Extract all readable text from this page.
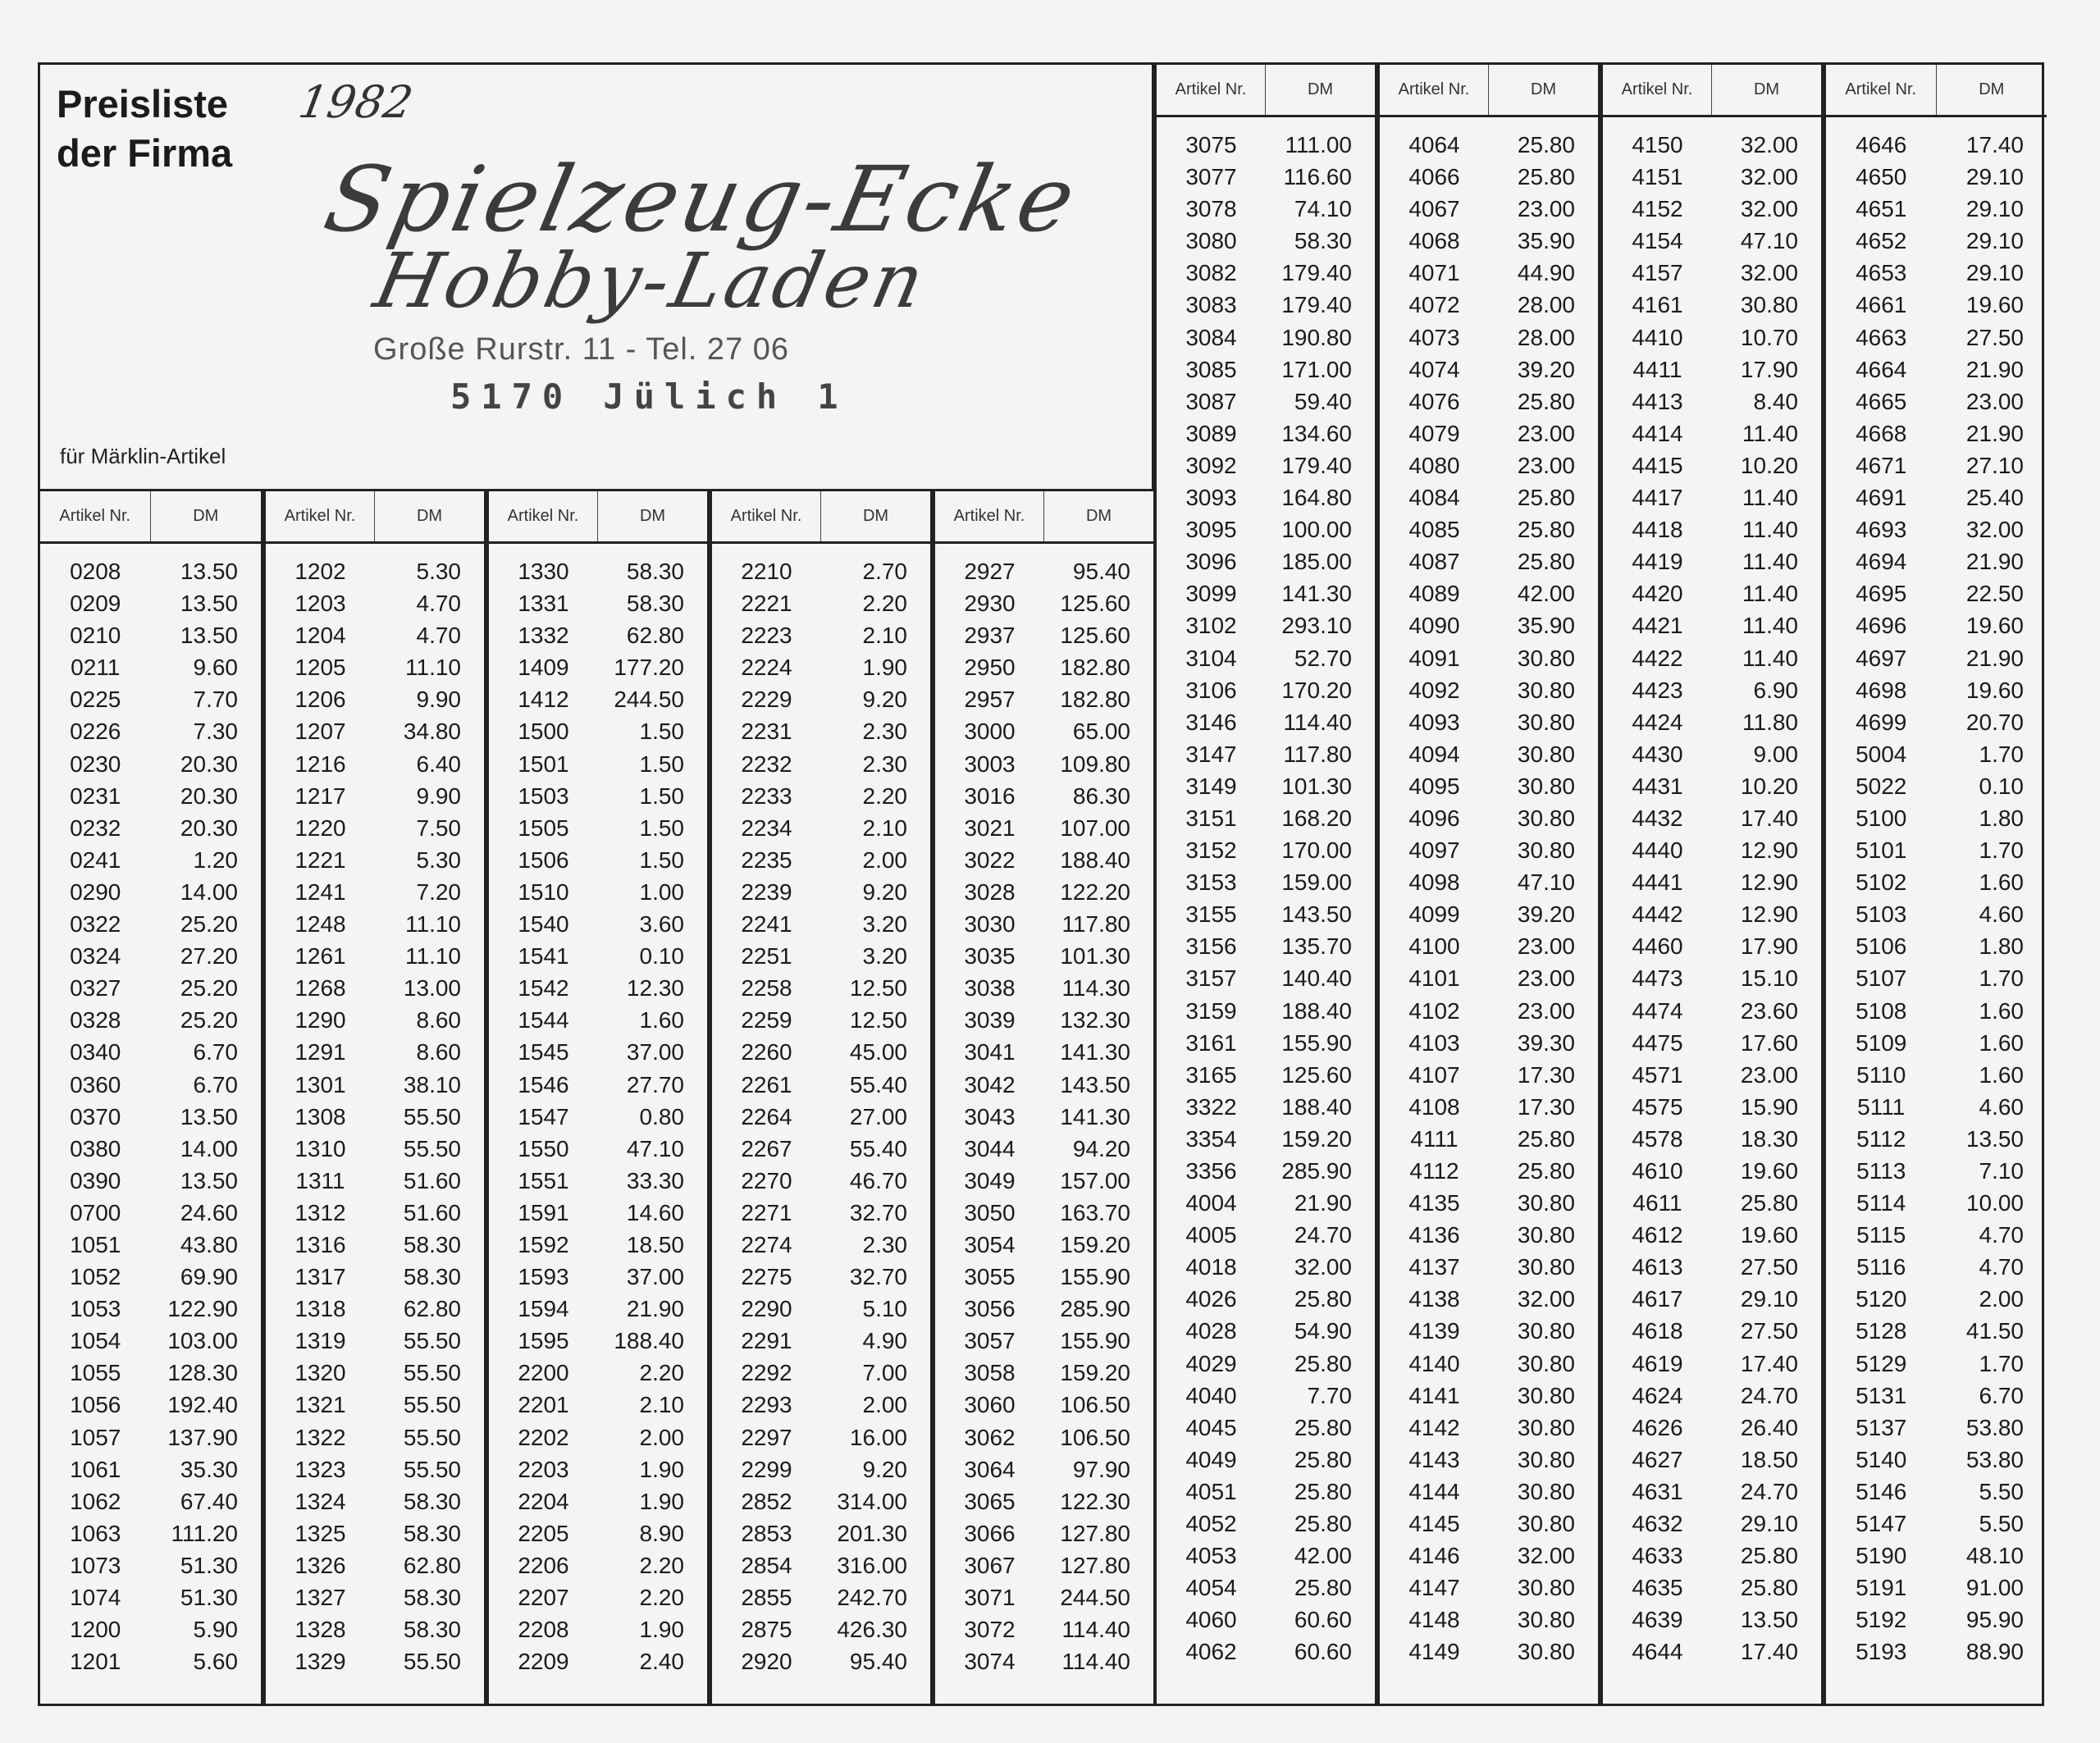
Preisliste
der Firma
1982
Spielzeug-Ecke
Hobby-Laden
Große Rurstr. 11 - Tel. 27 06
5170 Jülich 1
für Märklin-Artikel
Artikel Nr.	DM
0208	13.50
0209	13.50
0210	13.50
0211	9.60
0225	7.70
0226	7.30
0230	20.30
0231	20.30
0232	20.30
0241	1.20
0290	14.00
0322	25.20
0324	27.20
0327	25.20
0328	25.20
0340	6.70
0360	6.70
0370	13.50
0380	14.00
0390	13.50
0700	24.60
1051	43.80
1052	69.90
1053	122.90
1054	103.00
1055	128.30
1056	192.40
1057	137.90
1061	35.30
1062	67.40
1063	111.20
1073	51.30
1074	51.30
1200	5.90
1201	5.60
Artikel Nr.	DM
1202	5.30
1203	4.70
1204	4.70
1205	11.10
1206	9.90
1207	34.80
1216	6.40
1217	9.90
1220	7.50
1221	5.30
1241	7.20
1248	11.10
1261	11.10
1268	13.00
1290	8.60
1291	8.60
1301	38.10
1308	55.50
1310	55.50
1311	51.60
1312	51.60
1316	58.30
1317	58.30
1318	62.80
1319	55.50
1320	55.50
1321	55.50
1322	55.50
1323	55.50
1324	58.30
1325	58.30
1326	62.80
1327	58.30
1328	58.30
1329	55.50
Artikel Nr.	DM
1330	58.30
1331	58.30
1332	62.80
1409	177.20
1412	244.50
1500	1.50
1501	1.50
1503	1.50
1505	1.50
1506	1.50
1510	1.00
1540	3.60
1541	0.10
1542	12.30
1544	1.60
1545	37.00
1546	27.70
1547	0.80
1550	47.10
1551	33.30
1591	14.60
1592	18.50
1593	37.00
1594	21.90
1595	188.40
2200	2.20
2201	2.10
2202	2.00
2203	1.90
2204	1.90
2205	8.90
2206	2.20
2207	2.20
2208	1.90
2209	2.40
Artikel Nr.	DM
2210	2.70
2221	2.20
2223	2.10
2224	1.90
2229	9.20
2231	2.30
2232	2.30
2233	2.20
2234	2.10
2235	2.00
2239	9.20
2241	3.20
2251	3.20
2258	12.50
2259	12.50
2260	45.00
2261	55.40
2264	27.00
2267	55.40
2270	46.70
2271	32.70
2274	2.30
2275	32.70
2290	5.10
2291	4.90
2292	7.00
2293	2.00
2297	16.00
2299	9.20
2852	314.00
2853	201.30
2854	316.00
2855	242.70
2875	426.30
2920	95.40
Artikel Nr.	DM
2927	95.40
2930	125.60
2937	125.60
2950	182.80
2957	182.80
3000	65.00
3003	109.80
3016	86.30
3021	107.00
3022	188.40
3028	122.20
3030	117.80
3035	101.30
3038	114.30
3039	132.30
3041	141.30
3042	143.50
3043	141.30
3044	94.20
3049	157.00
3050	163.70
3054	159.20
3055	155.90
3056	285.90
3057	155.90
3058	159.20
3060	106.50
3062	106.50
3064	97.90
3065	122.30
3066	127.80
3067	127.80
3071	244.50
3072	114.40
3074	114.40
Artikel Nr.	DM
3075	111.00
3077	116.60
3078	74.10
3080	58.30
3082	179.40
3083	179.40
3084	190.80
3085	171.00
3087	59.40
3089	134.60
3092	179.40
3093	164.80
3095	100.00
3096	185.00
3099	141.30
3102	293.10
3104	52.70
3106	170.20
3146	114.40
3147	117.80
3149	101.30
3151	168.20
3152	170.00
3153	159.00
3155	143.50
3156	135.70
3157	140.40
3159	188.40
3161	155.90
3165	125.60
3322	188.40
3354	159.20
3356	285.90
4004	21.90
4005	24.70
4018	32.00
4026	25.80
4028	54.90
4029	25.80
4040	7.70
4045	25.80
4049	25.80
4051	25.80
4052	25.80
4053	42.00
4054	25.80
4060	60.60
4062	60.60
Artikel Nr.	DM
4064	25.80
4066	25.80
4067	23.00
4068	35.90
4071	44.90
4072	28.00
4073	28.00
4074	39.20
4076	25.80
4079	23.00
4080	23.00
4084	25.80
4085	25.80
4087	25.80
4089	42.00
4090	35.90
4091	30.80
4092	30.80
4093	30.80
4094	30.80
4095	30.80
4096	30.80
4097	30.80
4098	47.10
4099	39.20
4100	23.00
4101	23.00
4102	23.00
4103	39.30
4107	17.30
4108	17.30
4111	25.80
4112	25.80
4135	30.80
4136	30.80
4137	30.80
4138	32.00
4139	30.80
4140	30.80
4141	30.80
4142	30.80
4143	30.80
4144	30.80
4145	30.80
4146	32.00
4147	30.80
4148	30.80
4149	30.80
Artikel Nr.	DM
4150	32.00
4151	32.00
4152	32.00
4154	47.10
4157	32.00
4161	30.80
4410	10.70
4411	17.90
4413	8.40
4414	11.40
4415	10.20
4417	11.40
4418	11.40
4419	11.40
4420	11.40
4421	11.40
4422	11.40
4423	6.90
4424	11.80
4430	9.00
4431	10.20
4432	17.40
4440	12.90
4441	12.90
4442	12.90
4460	17.90
4473	15.10
4474	23.60
4475	17.60
4571	23.00
4575	15.90
4578	18.30
4610	19.60
4611	25.80
4612	19.60
4613	27.50
4617	29.10
4618	27.50
4619	17.40
4624	24.70
4626	26.40
4627	18.50
4631	24.70
4632	29.10
4633	25.80
4635	25.80
4639	13.50
4644	17.40
Artikel Nr.	DM
4646	17.40
4650	29.10
4651	29.10
4652	29.10
4653	29.10
4661	19.60
4663	27.50
4664	21.90
4665	23.00
4668	21.90
4671	27.10
4691	25.40
4693	32.00
4694	21.90
4695	22.50
4696	19.60
4697	21.90
4698	19.60
4699	20.70
5004	1.70
5022	0.10
5100	1.80
5101	1.70
5102	1.60
5103	4.60
5106	1.80
5107	1.70
5108	1.60
5109	1.60
5110	1.60
5111	4.60
5112	13.50
5113	7.10
5114	10.00
5115	4.70
5116	4.70
5120	2.00
5128	41.50
5129	1.70
5131	6.70
5137	53.80
5140	53.80
5146	5.50
5147	5.50
5190	48.10
5191	91.00
5192	95.90
5193	88.90
